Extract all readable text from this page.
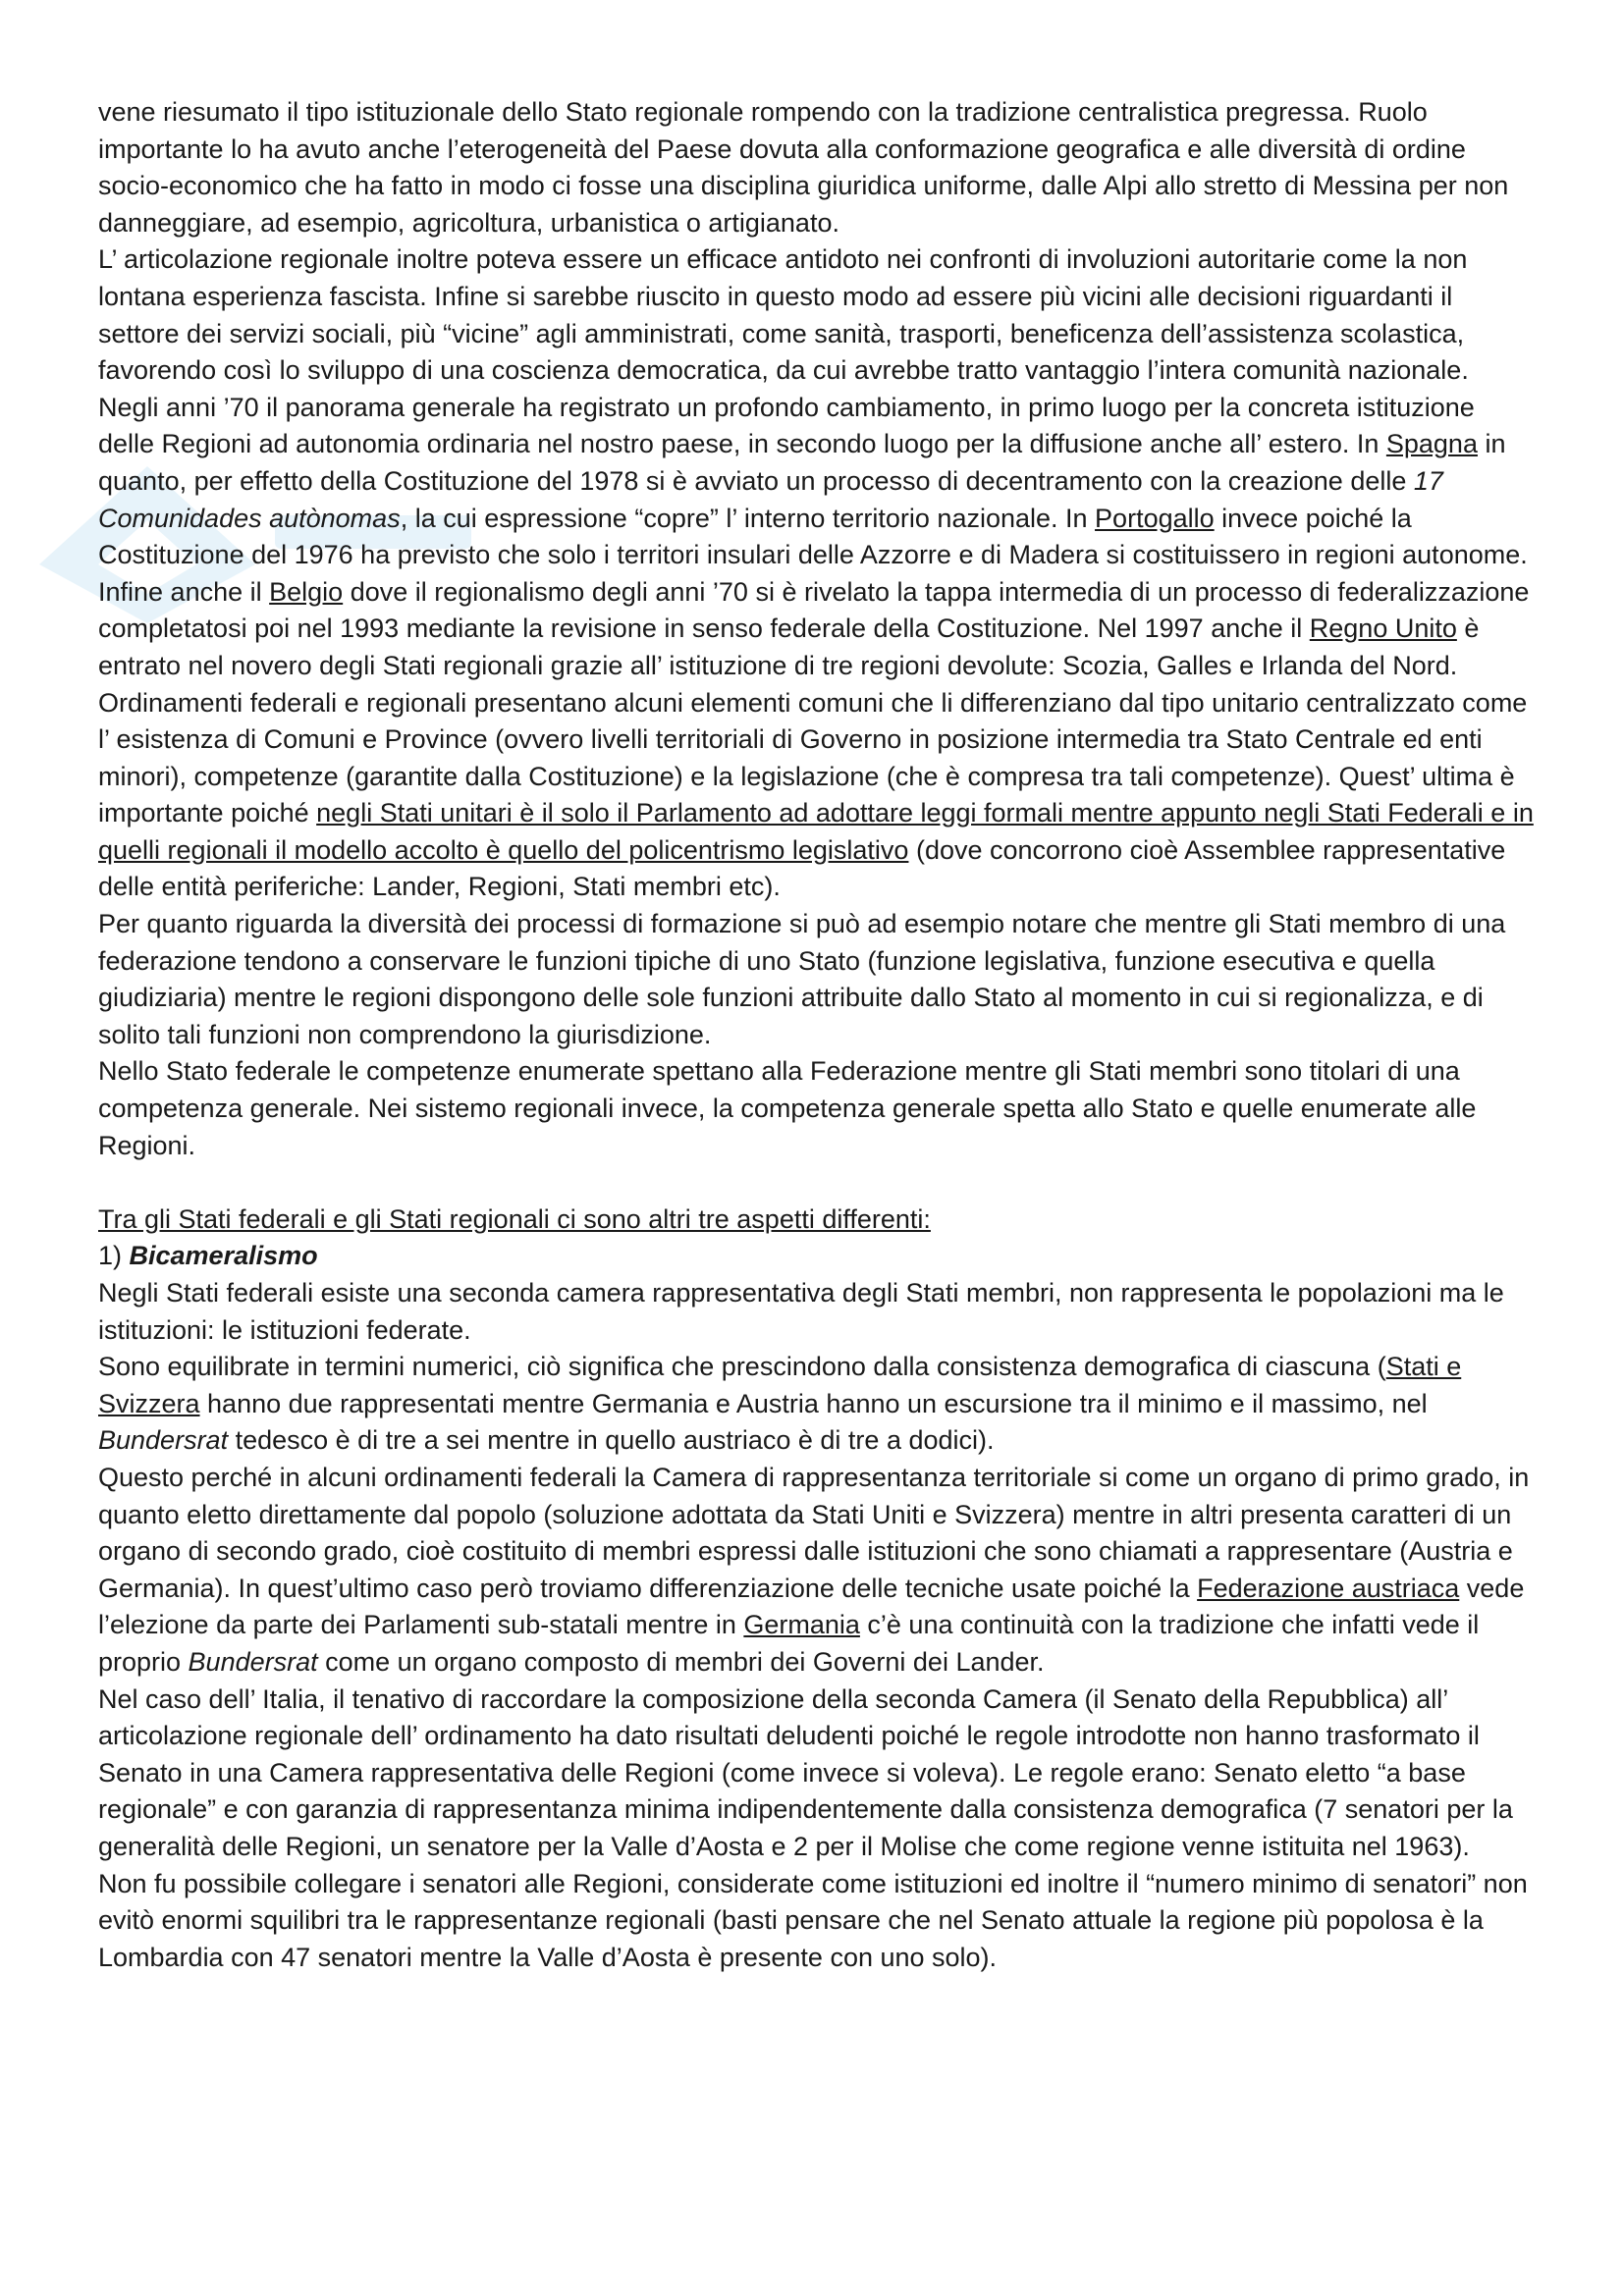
vene riesumato il tipo istituzionale dello Stato regionale rompendo con la tradizione centralistica pregressa. Ruolo importante lo ha avuto anche l’eterogeneità del Paese dovuta alla conformazione geografica e alle diversità di ordine socio-economico che ha fatto in modo ci fosse una disciplina giuridica uniforme, dalle Alpi allo stretto di Messina per non danneggiare, ad esempio, agricoltura, urbanistica o artigianato.

L’ articolazione regionale inoltre poteva essere un efficace antidoto nei confronti di involuzioni autoritarie come la non lontana esperienza fascista. Infine si sarebbe riuscito in questo modo ad essere più vicini alle decisioni riguardanti il settore dei servizi sociali, più “vicine” agli amministrati, come sanità, trasporti, beneficenza dell’assistenza scolastica, favorendo così lo sviluppo di una coscienza democratica, da cui avrebbe tratto vantaggio l’intera comunità nazionale.

Negli anni ’70 il panorama generale ha registrato un profondo cambiamento, in primo luogo per la concreta istituzione delle Regioni ad autonomia ordinaria nel nostro paese, in secondo luogo per la diffusione anche all’ estero. In Spagna in quanto, per effetto della Costituzione del 1978 si è avviato un processo di decentramento con la creazione delle 17 Comunidades autònomas, la cui espressione “copre” l’ interno territorio nazionale. In Portogallo invece poiché la Costituzione del 1976 ha previsto che solo i territori insulari delle Azzorre e di Madera si costituissero in regioni autonome. Infine anche il Belgio dove il regionalismo degli anni ’70 si è rivelato la tappa intermedia di un processo di federalizzazione completatosi poi nel 1993 mediante la revisione in senso federale della Costituzione. Nel 1997 anche il Regno Unito è entrato nel novero degli Stati regionali grazie all’ istituzione di tre regioni devolute: Scozia, Galles e Irlanda del Nord.

Ordinamenti federali e regionali presentano alcuni elementi comuni che li differenziano dal tipo unitario centralizzato come l’ esistenza di Comuni e Province (ovvero livelli territoriali di Governo in posizione intermedia tra Stato Centrale ed enti minori), competenze (garantite dalla Costituzione) e la legislazione (che è compresa tra tali competenze). Quest’ ultima è importante poiché negli Stati unitari è il solo il Parlamento ad adottare leggi formali mentre appunto negli Stati Federali e in quelli regionali il modello accolto è quello del policentrismo legislativo (dove concorrono cioè Assemblee rappresentative delle entità periferiche: Lander, Regioni, Stati membri etc).

Per quanto riguarda la diversità dei processi di formazione si può ad esempio notare che mentre gli Stati membro di una federazione tendono a conservare le funzioni tipiche di uno Stato (funzione legislativa, funzione esecutiva e quella giudiziaria) mentre le regioni dispongono delle sole funzioni attribuite dallo Stato al momento in cui si regionalizza, e di solito tali funzioni non comprendono la giurisdizione.

Nello Stato federale le competenze enumerate spettano alla Federazione mentre gli Stati membri sono titolari di una competenza generale. Nei sistemo regionali invece, la competenza generale spetta allo Stato e quelle enumerate alle Regioni.

Tra gli Stati federali e gli Stati regionali ci sono altri tre aspetti differenti:

1) Bicameralismo

Negli Stati federali esiste una seconda camera rappresentativa degli Stati membri, non rappresenta le popolazioni ma le istituzioni: le istituzioni federate.

Sono equilibrate in termini numerici, ciò significa che prescindono dalla consistenza demografica di ciascuna (Stati e Svizzera hanno due rappresentati mentre Germania e Austria hanno un escursione tra il minimo e il massimo, nel Bundersrat tedesco è di tre a sei mentre in quello austriaco è di tre a dodici).

Questo perché in alcuni ordinamenti federali la Camera di rappresentanza territoriale si come un organo di primo grado, in quanto eletto direttamente dal popolo (soluzione adottata da Stati Uniti e Svizzera) mentre in altri presenta caratteri di un organo di secondo grado, cioè costituito di membri espressi dalle istituzioni che sono chiamati a rappresentare (Austria e Germania). In quest’ultimo caso però troviamo differenziazione delle tecniche usate poiché la Federazione austriaca vede l’elezione da parte dei Parlamenti sub-statali mentre in Germania c’è una continuità con la tradizione che infatti vede il proprio Bundersrat come un organo composto di membri dei Governi dei Lander.

Nel caso dell’ Italia, il tenativo di raccordare la composizione della seconda Camera (il Senato della Repubblica) all’ articolazione regionale dell’ ordinamento ha dato risultati deludenti poiché le regole introdotte non hanno trasformato il Senato in una Camera rappresentativa delle Regioni (come invece si voleva). Le regole erano: Senato eletto “a base regionale” e con garanzia di rappresentanza minima indipendentemente dalla consistenza demografica (7 senatori per la generalità delle Regioni, un senatore per la Valle d’Aosta e 2 per il Molise che come regione venne istituita nel 1963).

Non fu possibile collegare i senatori alle Regioni, considerate come istituzioni ed inoltre il “numero minimo di senatori” non evitò enormi squilibri tra le rappresentanze regionali (basti pensare che nel Senato attuale la regione più popolosa è la Lombardia con 47 senatori mentre la Valle d’Aosta è presente con uno solo).
